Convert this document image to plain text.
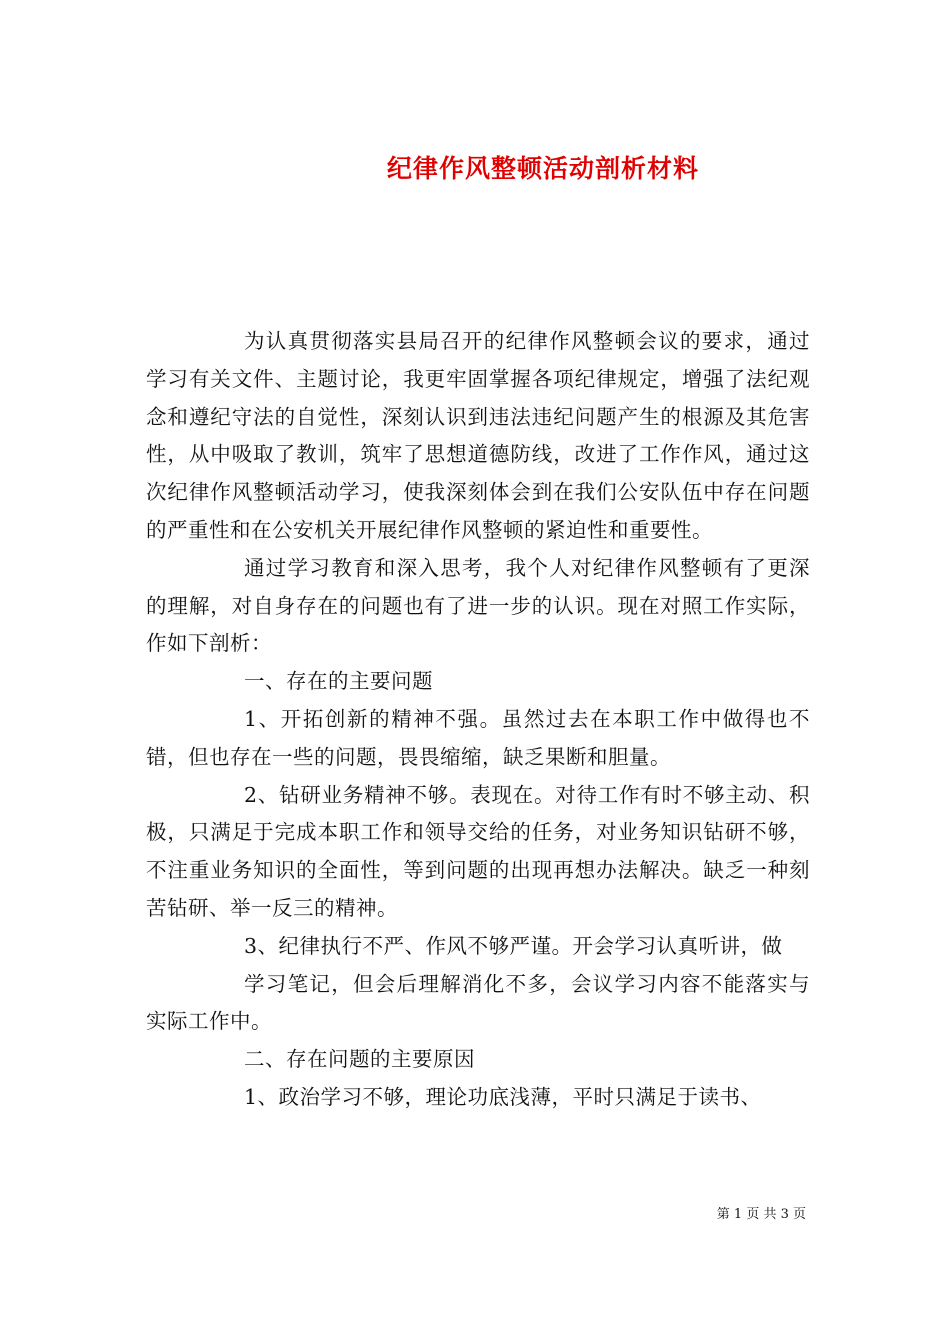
纪律作风整顿活动剖析材料

为认真贯彻落实县局召开的纪律作风整顿会议的要求，通过学习有关文件、主题讨论，我更牢固掌握各项纪律规定，增强了法纪观念和遵纪守法的自觉性，深刻认识到违法违纪问题产生的根源及其危害性，从中吸取了教训，筑牢了思想道德防线，改进了工作作风，通过这次纪律作风整顿活动学习，使我深刻体会到在我们公安队伍中存在问题的严重性和在公安机关开展纪律作风整顿的紧迫性和重要性。

通过学习教育和深入思考，我个人对纪律作风整顿有了更深的理解，对自身存在的问题也有了进一步的认识。现在对照工作实际，作如下剖析：

一、存在的主要问题

1、开拓创新的精神不强。虽然过去在本职工作中做得也不错，但也存在一些的问题，畏畏缩缩，缺乏果断和胆量。

2、钻研业务精神不够。表现在。对待工作有时不够主动、积极，只满足于完成本职工作和领导交给的任务，对业务知识钻研不够，不注重业务知识的全面性，等到问题的出现再想办法解决。缺乏一种刻苦钻研、举一反三的精神。

3、纪律执行不严、作风不够严谨。开会学习认真听讲，做

学习笔记，但会后理解消化不多，会议学习内容不能落实与实际工作中。

二、存在问题的主要原因

1、政治学习不够，理论功底浅薄，平时只满足于读书、

第 1 页 共 3 页
